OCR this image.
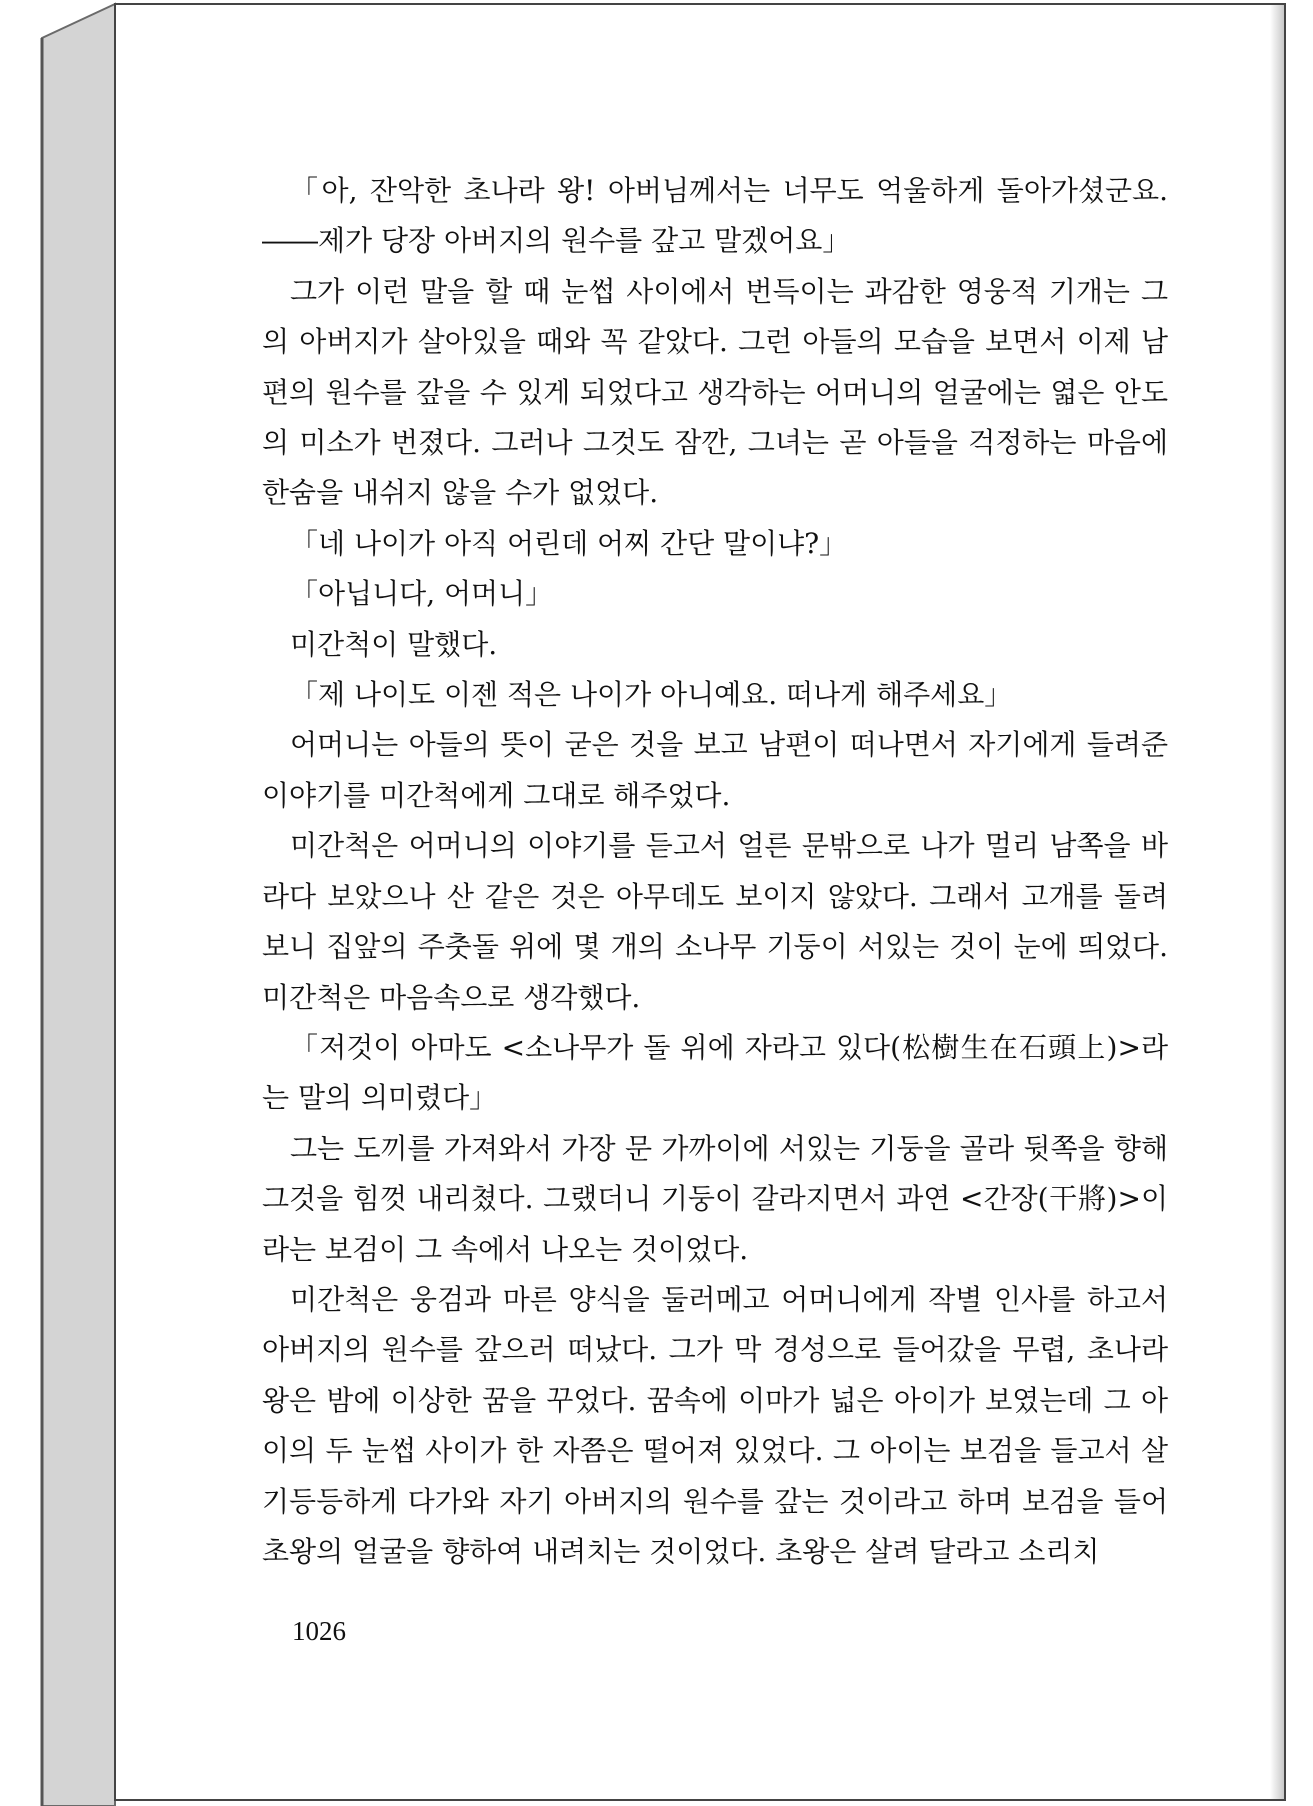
「아, 잔악한 초나라 왕! 아버님께서는 너무도 억울하게 돌아가셨군요. ――제가 당장 아버지의 원수를 갚고 말겠어요」

그가 이런 말을 할 때 눈썹 사이에서 번득이는 과감한 영웅적 기개는 그의 아버지가 살아있을 때와 꼭 같았다. 그런 아들의 모습을 보면서 이제 남편의 원수를 갚을 수 있게 되었다고 생각하는 어머니의 얼굴에는 엷은 안도의 미소가 번졌다. 그러나 그것도 잠깐, 그녀는 곧 아들을 걱정하는 마음에 한숨을 내쉬지 않을 수가 없었다.

「네 나이가 아직 어린데 어찌 간단 말이냐?」

「아닙니다, 어머니」

미간척이 말했다.

「제 나이도 이젠 적은 나이가 아니예요. 떠나게 해주세요」

어머니는 아들의 뜻이 굳은 것을 보고 남편이 떠나면서 자기에게 들려준 이야기를 미간척에게 그대로 해주었다.

미간척은 어머니의 이야기를 듣고서 얼른 문밖으로 나가 멀리 남쪽을 바라다 보았으나 산 같은 것은 아무데도 보이지 않았다. 그래서 고개를 돌려 보니 집앞의 주춧돌 위에 몇 개의 소나무 기둥이 서있는 것이 눈에 띄었다. 미간척은 마음속으로 생각했다.

「저것이 아마도 <소나무가 돌 위에 자라고 있다(松樹生在石頭上)>라는 말의 의미렸다」

그는 도끼를 가져와서 가장 문 가까이에 서있는 기둥을 골라 뒷쪽을 향해 그것을 힘껏 내리쳤다. 그랬더니 기둥이 갈라지면서 과연 <간장(干將)>이라는 보검이 그 속에서 나오는 것이었다.

미간척은 웅검과 마른 양식을 둘러메고 어머니에게 작별 인사를 하고서 아버지의 원수를 갚으러 떠났다. 그가 막 경성으로 들어갔을 무렵, 초나라 왕은 밤에 이상한 꿈을 꾸었다. 꿈속에 이마가 넓은 아이가 보였는데 그 아이의 두 눈썹 사이가 한 자쯤은 떨어져 있었다. 그 아이는 보검을 들고서 살기등등하게 다가와 자기 아버지의 원수를 갚는 것이라고 하며 보검을 들어 초왕의 얼굴을 향하여 내려치는 것이었다. 초왕은 살려 달라고 소리치

1026
